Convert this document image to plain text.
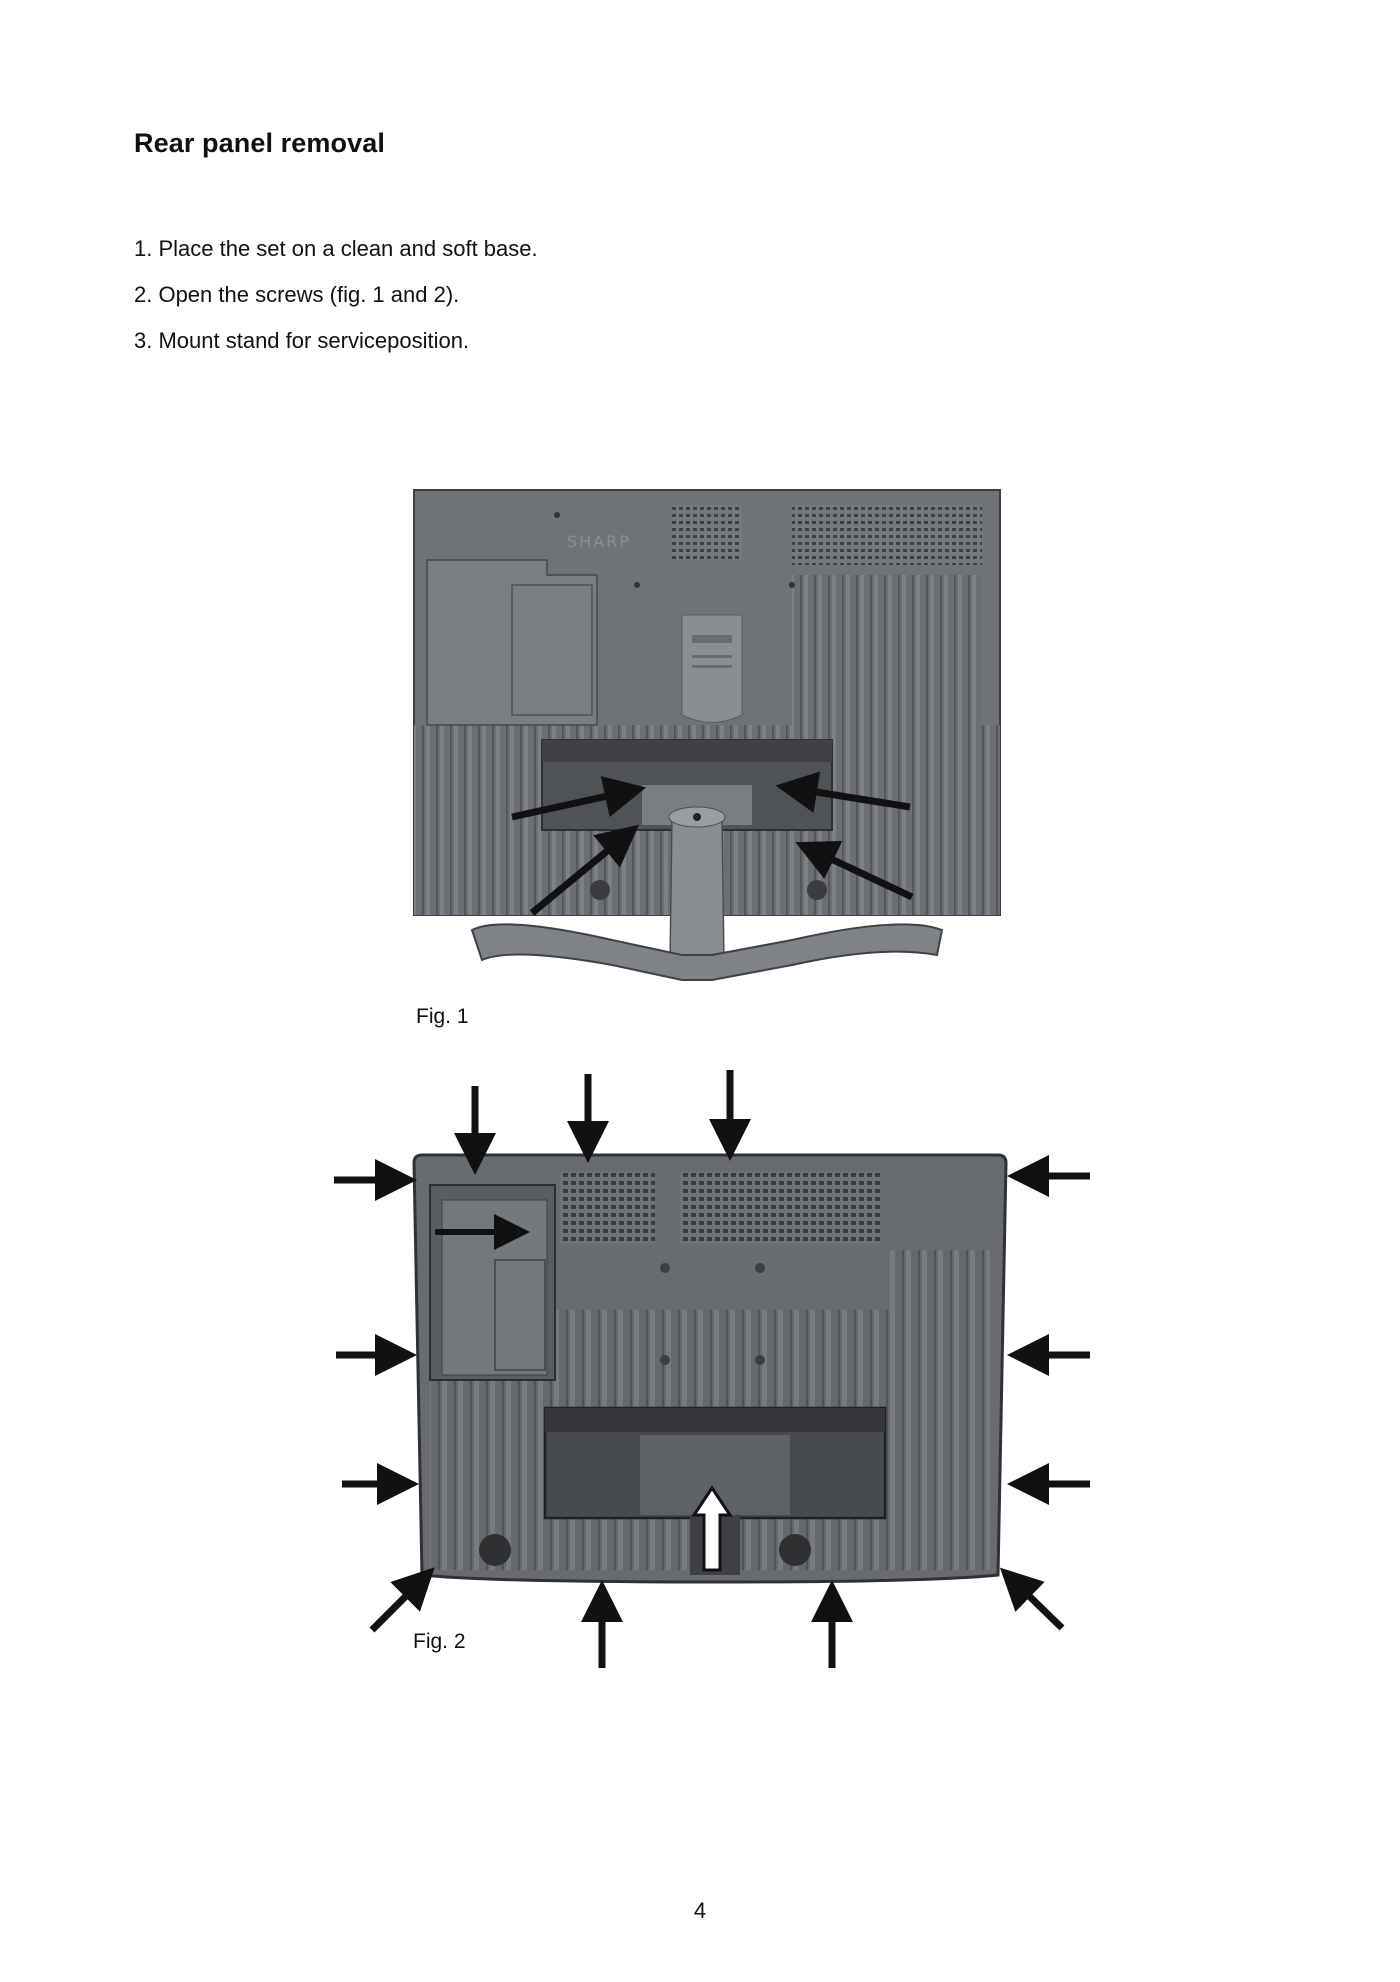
Rear panel removal
1. Place the set on a clean and soft base.
2. Open the screws (fig. 1 and 2).
3. Mount stand for serviceposition.
SHARP
Fig. 1
Fig. 2
4
